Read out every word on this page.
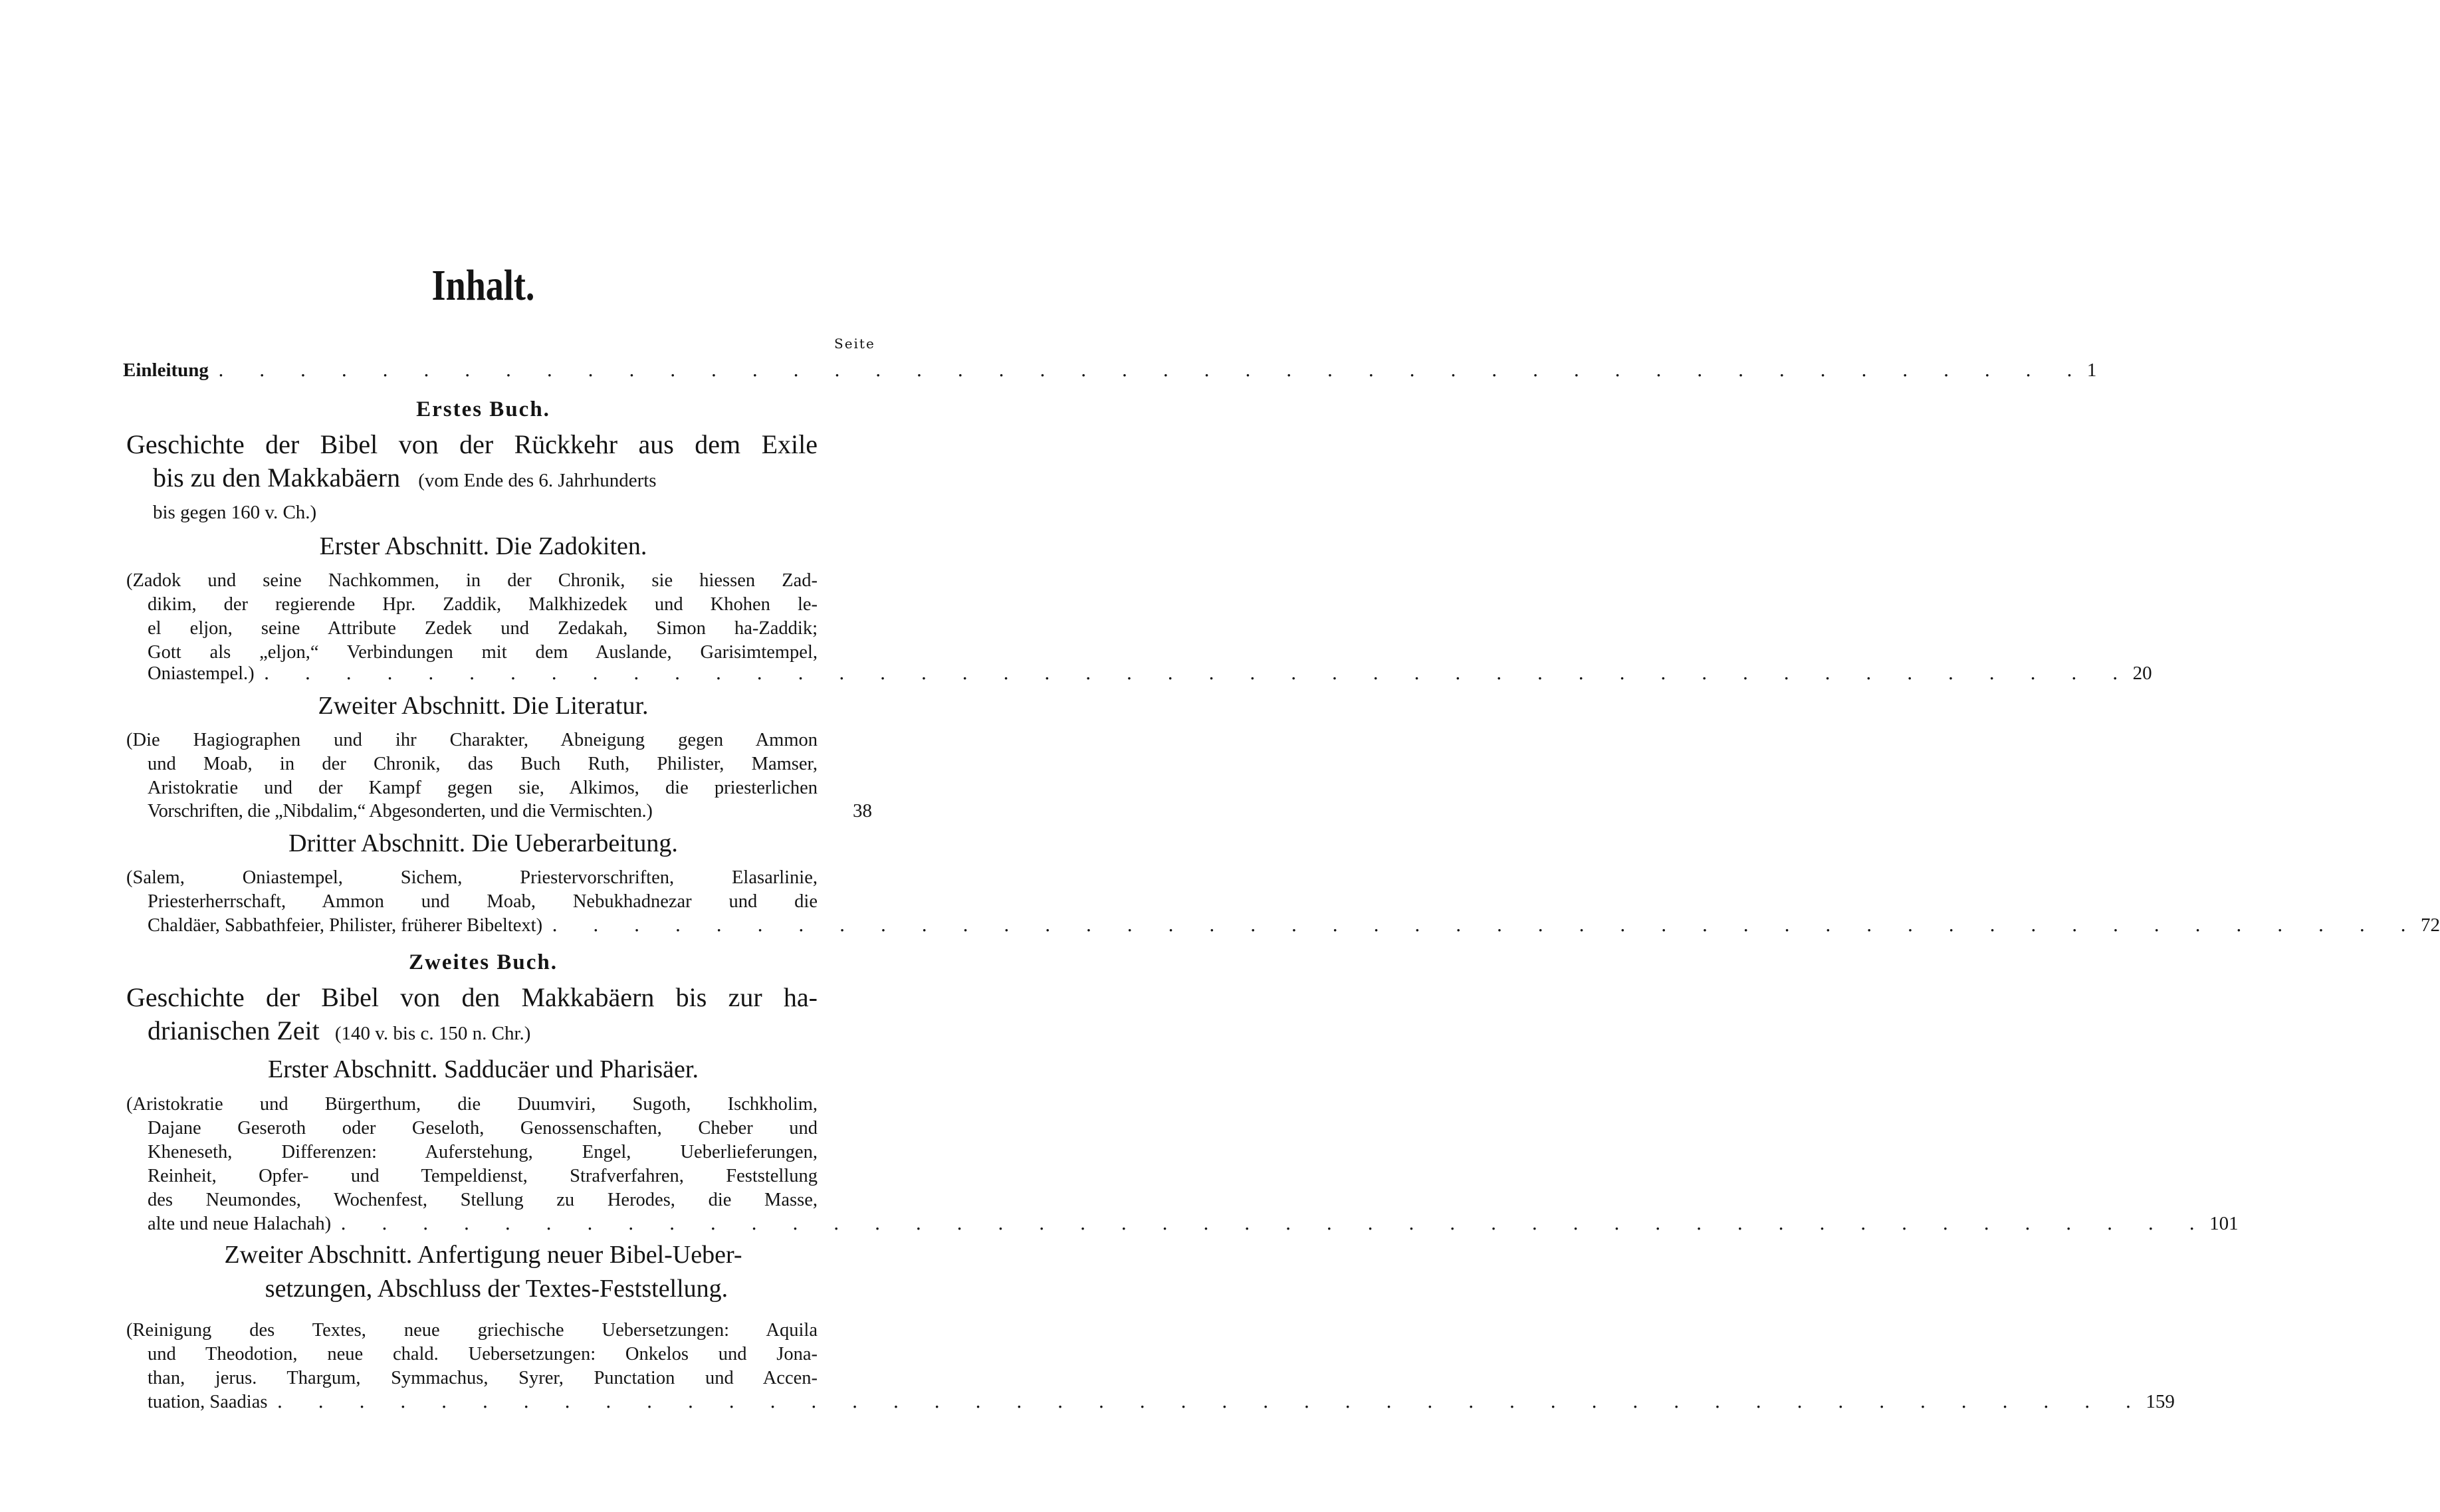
Inhalt.
Seite
Einleitung . . . . . . . . . . . . . . . . . . . . . . . . . . . . . . . . . . . . . . . . . . . . . . 1
Erstes Buch.
Geschichte der Bibel von der Rückkehr aus dem Exile
bis zu den Makkabäern (vom Ende des 6. Jahrhunderts
bis gegen 160 v. Ch.)
Erster Abschnitt. Die Zadokiten.
(Zadok und seine Nachkommen, in der Chronik, sie hiessen Zad-
dikim, der regierende Hpr. Zaddik, Malkhizedek und Khohen le-
el eljon, seine Attribute Zedek und Zedakah, Simon ha-Zaddik;
Gott als „eljon,“ Verbindungen mit dem Auslande, Garisimtempel,
Oniastempel.) . . . . . . . . . . . . . . . . . . . . . . . . . . . . . . . . . . . . . . . . . . . . . . 20
Zweiter Abschnitt. Die Literatur.
(Die Hagiographen und ihr Charakter, Abneigung gegen Ammon
und Moab, in der Chronik, das Buch Ruth, Philister, Mamser,
Aristokratie und der Kampf gegen sie, Alkimos, die priesterlichen
Vorschriften, die „Nibdalim,“ Abgesonderten, und die Vermischten.)	38
Dritter Abschnitt. Die Ueberarbeitung.
(Salem, Oniastempel, Sichem, Priestervorschriften, Elasarlinie,
Priesterherrschaft, Ammon und Moab, Nebukhadnezar und die
Chaldäer, Sabbathfeier, Philister, früherer Bibeltext) . . . . . . . . . . . . . . . . . . . . . . . . . . . . . . . . . . . . . . . . . . . . . . 72
Zweites Buch.
Geschichte der Bibel von den Makkabäern bis zur ha-
drianischen Zeit (140 v. bis c. 150 n. Chr.)
Erster Abschnitt. Sadducäer und Pharisäer.
(Aristokratie und Bürgerthum, die Duumviri, Sugoth, Ischkholim,
Dajane Geseroth oder Geseloth, Genossenschaften, Cheber und
Kheneseth, Differenzen: Auferstehung, Engel, Ueberlieferungen,
Reinheit, Opfer- und Tempeldienst, Strafverfahren, Feststellung
des Neumondes, Wochenfest, Stellung zu Herodes, die Masse,
alte und neue Halachah) . . . . . . . . . . . . . . . . . . . . . . . . . . . . . . . . . . . . . . . . . . . . . . 101
Zweiter Abschnitt. Anfertigung neuer Bibel-Ueber-
setzungen, Abschluss der Textes-Feststellung.
(Reinigung des Textes, neue griechische Uebersetzungen: Aquila
und Theodotion, neue chald. Uebersetzungen: Onkelos und Jona-
than, jerus. Thargum, Symmachus, Syrer, Punctation und Accen-
tuation, Saadias . . . . . . . . . . . . . . . . . . . . . . . . . . . . . . . . . . . . . . . . . . . . . . 159
